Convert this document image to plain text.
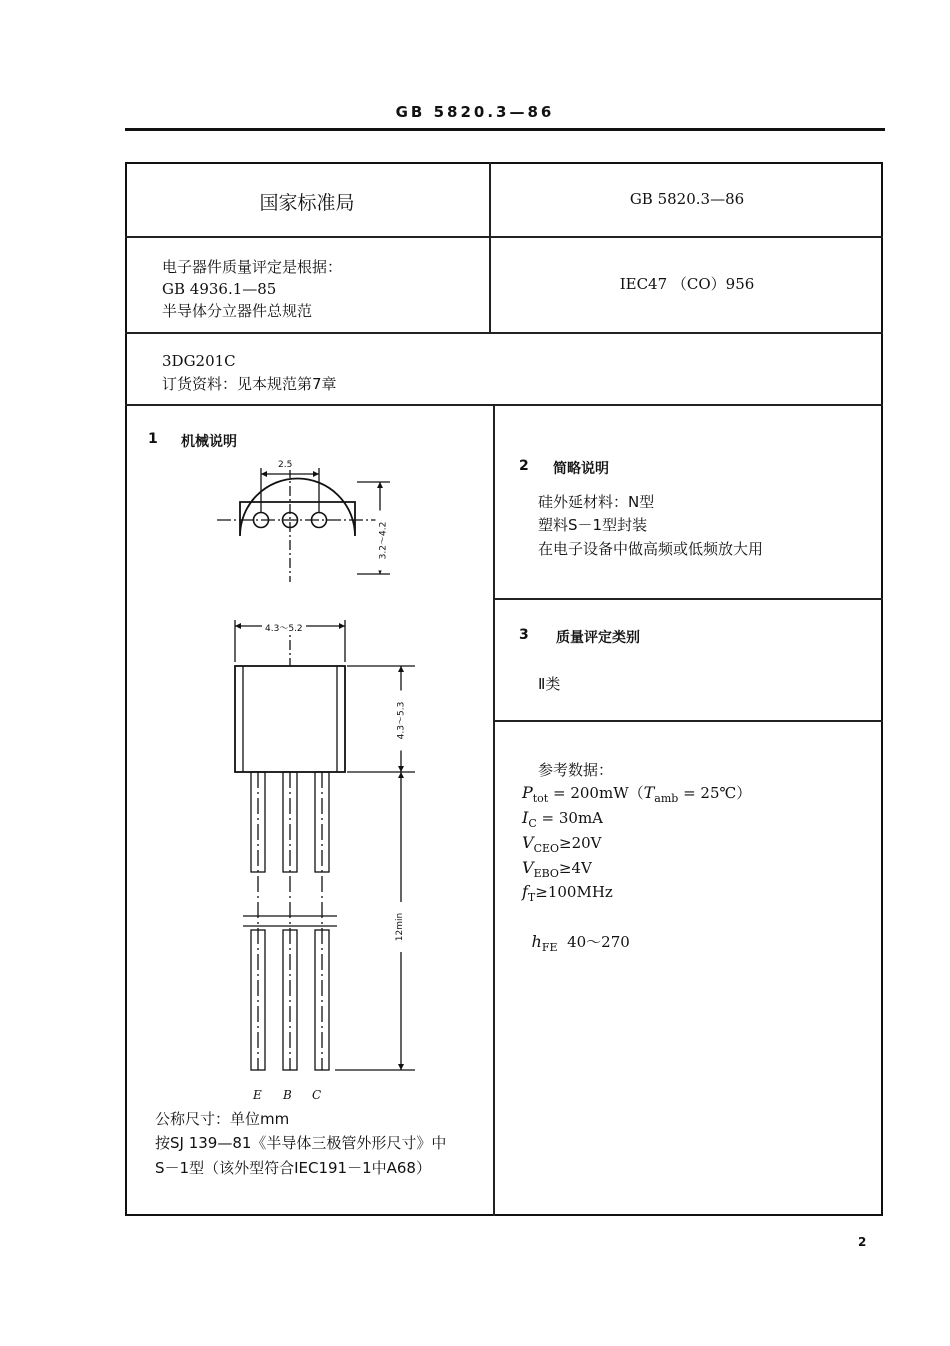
GB 5820.3—86
国家标准局	GB 5820.3—86
电子器件质量评定是根据：
GB 4936.1—85
半导体分立器件总规范
IEC47 （CO）956
3DG201C
订货资料：见本规范第7章
1 机械说明
2.5
3.2～4.2
4.3～5.2
4.3～5.3
12min
E B C
公称尺寸：单位mm
按SJ 139—81《半导体三极管外形尺寸》中
S－1型（该外型符合IEC191－1中A68）
2 简略说明
硅外延材料：N型
塑料S－1型封装
在电子设备中做高频或低频放大用
3 质量评定类别
Ⅱ类
参考数据：
$P_{tot} = 200mW(T_{amb}$ = 25℃）
$I_C = 30mA$
$V_{CEO}\ge 20V$
$V_{EBO}\ge 4V$
$f_T\ge 100MHz$

$h_{FE}$  40～270

2
